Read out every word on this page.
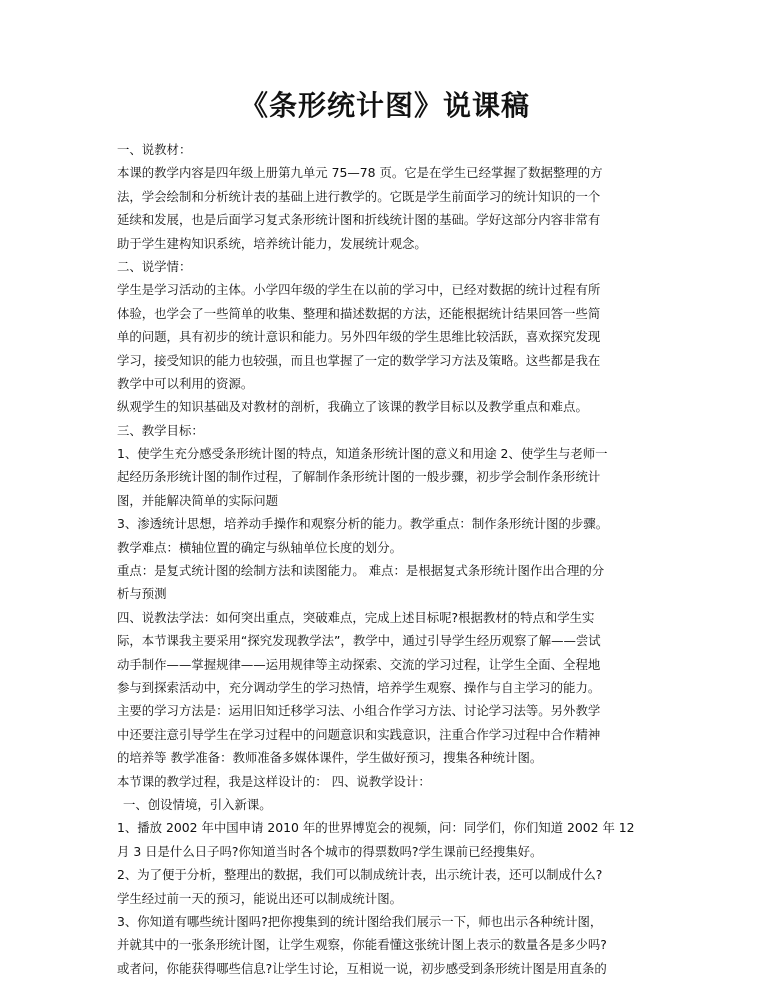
《条形统计图》说课稿
一、说教材：
本课的教学内容是四年级上册第九单元 75—78 页。它是在学生已经掌握了数据整理的方
法，学会绘制和分析统计表的基础上进行教学的。它既是学生前面学习的统计知识的一个
延续和发展，也是后面学习复式条形统计图和折线统计图的基础。学好这部分内容非常有
助于学生建构知识系统，培养统计能力，发展统计观念。
二、说学情：
学生是学习活动的主体。小学四年级的学生在以前的学习中，已经对数据的统计过程有所
体验，也学会了一些简单的收集、整理和描述数据的方法，还能根据统计结果回答一些简
单的问题，具有初步的统计意识和能力。另外四年级的学生思维比较活跃，喜欢探究发现
学习，接受知识的能力也较强，而且也掌握了一定的数学学习方法及策略。这些都是我在
教学中可以利用的资源。
纵观学生的知识基础及对教材的剖析，我确立了该课的教学目标以及教学重点和难点。
三、教学目标：
1、使学生充分感受条形统计图的特点，知道条形统计图的意义和用途 2、使学生与老师一
起经历条形统计图的制作过程，了解制作条形统计图的一般步骤，初步学会制作条形统计
图，并能解决简单的实际问题
3、渗透统计思想，培养动手操作和观察分析的能力。教学重点：制作条形统计图的步骤。
教学难点：横轴位置的确定与纵轴单位长度的划分。
重点：是复式统计图的绘制方法和读图能力。 难点：是根据复式条形统计图作出合理的分
析与预测
四、说教法学法：如何突出重点，突破难点，完成上述目标呢?根据教材的特点和学生实
际，本节课我主要采用“探究发现教学法”，教学中，通过引导学生经历观察了解——尝试
动手制作——掌握规律——运用规律等主动探索、交流的学习过程，让学生全面、全程地
参与到探索活动中，充分调动学生的学习热情，培养学生观察、操作与自主学习的能力。
主要的学习方法是：运用旧知迁移学习法、小组合作学习方法、讨论学习法等。另外教学
中还要注意引导学生在学习过程中的问题意识和实践意识，注重合作学习过程中合作精神
的培养等 教学准备：教师准备多媒体课件，学生做好预习，搜集各种统计图。
本节课的教学过程，我是这样设计的： 四、说教学设计：
一、创设情境，引入新课。
1、播放 2002 年中国申请 2010 年的世界博览会的视频，问：同学们，你们知道 2002 年 12
月 3 日是什么日子吗?你知道当时各个城市的得票数吗?学生课前已经搜集好。
2、为了便于分析，整理出的数据，我们可以制成统计表，出示统计表，还可以制成什么?
学生经过前一天的预习，能说出还可以制成统计图。
3、你知道有哪些统计图吗?把你搜集到的统计图给我们展示一下，师也出示各种统计图，
并就其中的一张条形统计图，让学生观察，你能看懂这张统计图上表示的数量各是多少吗?
或者问，你能获得哪些信息?让学生讨论，互相说一说，初步感受到条形统计图是用直条的
